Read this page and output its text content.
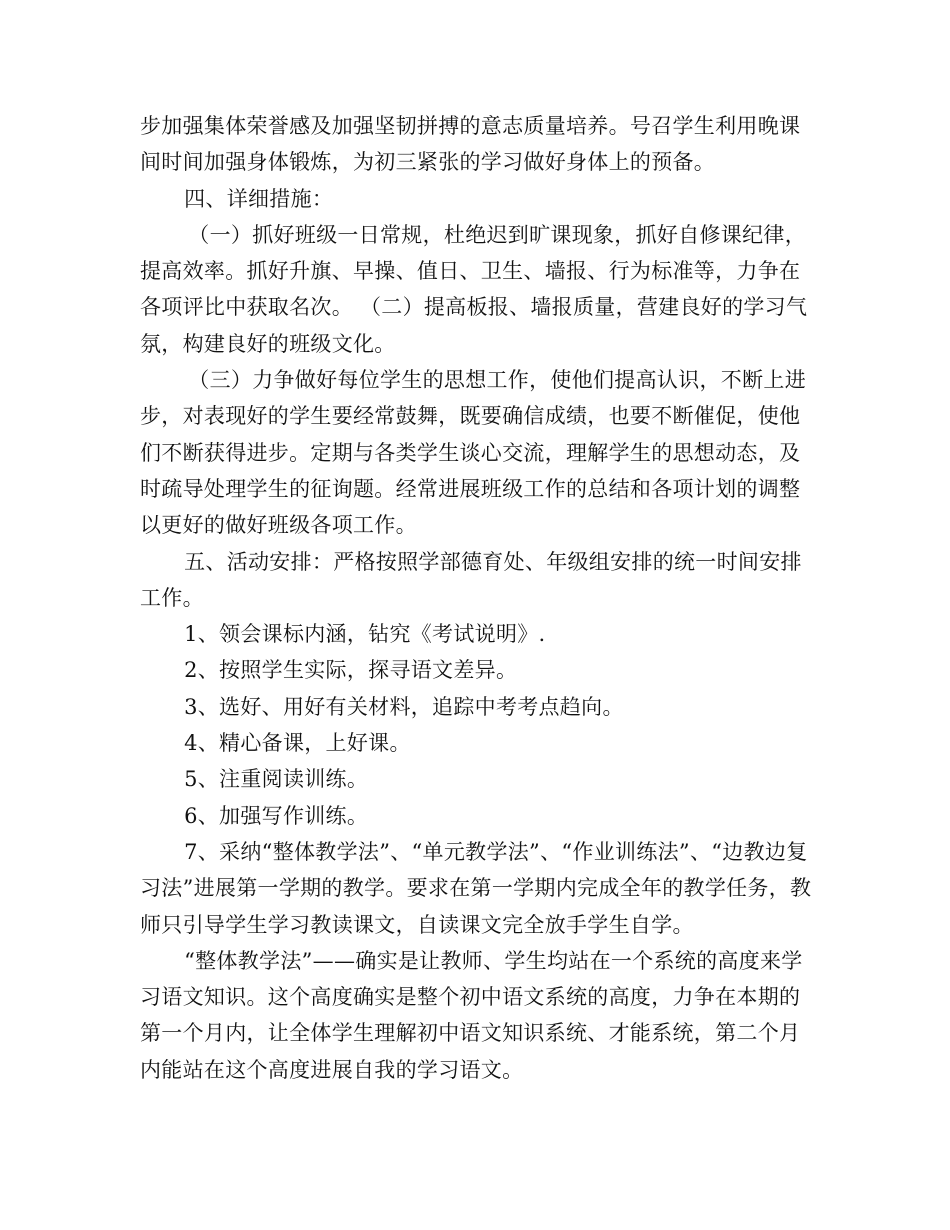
步加强集体荣誉感及加强坚韧拼搏的意志质量培养。号召学生利用晚课间时间加强身体锻炼，为初三紧张的学习做好身体上的预备。

四、详细措施：

（一）抓好班级一日常规，杜绝迟到旷课现象，抓好自修课纪律，提高效率。抓好升旗、早操、值日、卫生、墙报、行为标准等，力争在各项评比中获取名次。 （二）提高板报、墙报质量，营建良好的学习气氛，构建良好的班级文化。

（三）力争做好每位学生的思想工作，使他们提高认识，不断上进步，对表现好的学生要经常鼓舞，既要确信成绩，也要不断催促，使他们不断获得进步。定期与各类学生谈心交流，理解学生的思想动态，及时疏导处理学生的征询题。经常进展班级工作的总结和各项计划的调整以更好的做好班级各项工作。

五、活动安排：严格按照学部德育处、年级组安排的统一时间安排工作。

1、领会课标内涵，钻究《考试说明》.

2、按照学生实际，探寻语文差异。

3、选好、用好有关材料，追踪中考考点趋向。

4、精心备课，上好课。

5、注重阅读训练。

6、加强写作训练。

7、采纳“整体教学法”、“单元教学法”、“作业训练法”、“边教边复习法”进展第一学期的教学。要求在第一学期内完成全年的教学任务，教师只引导学生学习教读课文，自读课文完全放手学生自学。

“整体教学法”——确实是让教师、学生均站在一个系统的高度来学习语文知识。这个高度确实是整个初中语文系统的高度，力争在本期的第一个月内，让全体学生理解初中语文知识系统、才能系统，第二个月内能站在这个高度进展自我的学习语文。
